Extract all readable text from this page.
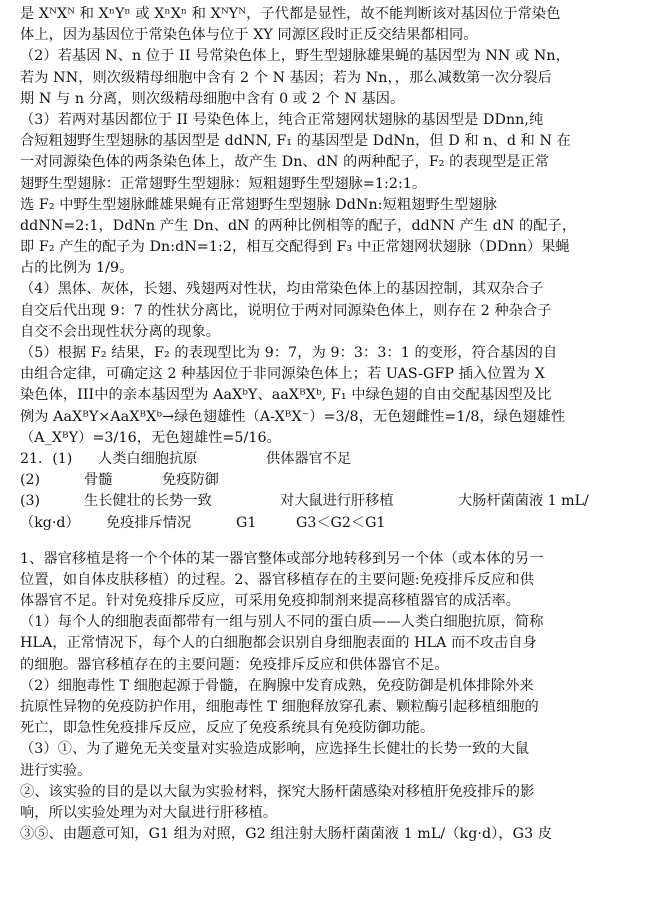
是 XᴺXᴺ 和 XⁿYⁿ 或 XⁿXⁿ 和 XᴺYᴺ，子代都是显性，故不能判断该对基因位于常染色
体上，因为基因位于常染色体与位于 XY 同源区段时正反交结果都相同。
（2）若基因 N、n 位于 II 号常染色体上，野生型翅脉雄果蝇的基因型为 NN 或 Nn，
若为 NN，则次级精母细胞中含有 2 个 N 基因；若为 Nn，，那么减数第一次分裂后
期 N 与 n 分离，则次级精母细胞中含有 0 或 2 个 N 基因。
（3）若两对基因都位于 II 号染色体上，纯合正常翅网状翅脉的基因型是 DDnn,纯
合短粗翅野生型翅脉的基因型是 ddNN, F₁ 的基因型是 DdNn，但 D 和 n、d 和 N 在
一对同源染色体的两条染色体上，故产生 Dn、dN 的两种配子，F₂ 的表现型是正常
翅野生型翅脉：正常翅野生型翅脉：短粗翅野生型翅脉=1:2:1。
选 F₂ 中野生型翅脉雌雄果蝇有正常翅野生型翅脉 DdNn:短粗翅野生型翅脉
ddNN=2:1，DdNn 产生 Dn、dN 的两种比例相等的配子，ddNN 产生 dN 的配子，
即 F₂ 产生的配子为 Dn:dN=1:2，相互交配得到 F₃ 中正常翅网状翅脉（DDnn）果蝇
占的比例为 1/9。
（4）黑体、灰体，长翅、残翅两对性状，均由常染色体上的基因控制，其双杂合子
自交后代出现 9：7 的性状分离比，说明位于两对同源染色体上，则存在 2 种杂合子
自交不会出现性状分离的现象。
（5）根据 F₂ 结果，F₂ 的表现型比为 9：7，为 9：3：3：1 的变形，符合基因的自
由组合定律，可确定这 2 种基因位于非同源染色体上；若 UAS-GFP 插入位置为 X
染色体，III中的亲本基因型为 AaXᵇY、aaXᴮXᵇ, F₁ 中绿色翅的自由交配基因型及比
例为 AaXᴮY×AaXᴮXᵇ→绿色翅雄性（A-XᴮX⁻）=3/8，无色翅雌性=1/8，绿色翅雄性
（A_XᴮY）=3/16，无色翅雄性=5/16。
21．(1)	人类白细胞抗原	供体器官不足
(2)	骨髓	免疫防御
(3)	生长健壮的长势一致	对大鼠进行肝移植	大肠杆菌菌液 1 mL/
（kg·d）	免疫排斥情况	G1	G3＜G2＜G1
1、器官移植是将一个个体的某一器官整体或部分地转移到另一个体（或本体的另一
位置，如自体皮肤移植）的过程。2、器官移植存在的主要问题:免疫排斥反应和供
体器官不足。针对免疫排斥反应，可采用免疫抑制剂来提高移植器官的成活率。
（1）每个人的细胞表面都带有一组与别人不同的蛋白质——人类白细胞抗原，简称
HLA，正常情况下，每个人的白细胞都会识别自身细胞表面的 HLA 而不攻击自身
的细胞。器官移植存在的主要问题：免疫排斥反应和供体器官不足。
（2）细胞毒性 T 细胞起源于骨髓，在胸腺中发育成熟，免疫防御是机体排除外来
抗原性异物的免疫防护作用，细胞毒性 T 细胞释放穿孔素、颗粒酶引起移植细胞的
死亡，即急性免疫排斥反应，反应了免疫系统具有免疫防御功能。
（3）①、为了避免无关变量对实验造成影响，应选择生长健壮的长势一致的大鼠
进行实验。
②、该实验的目的是以大鼠为实验材料，探究大肠杆菌感染对移植肝免疫排斥的影
响，所以实验处理为对大鼠进行肝移植。
③⑤、由题意可知，G1 组为对照，G2 组注射大肠杆菌菌液 1 mL/（kg·d），G3 皮
